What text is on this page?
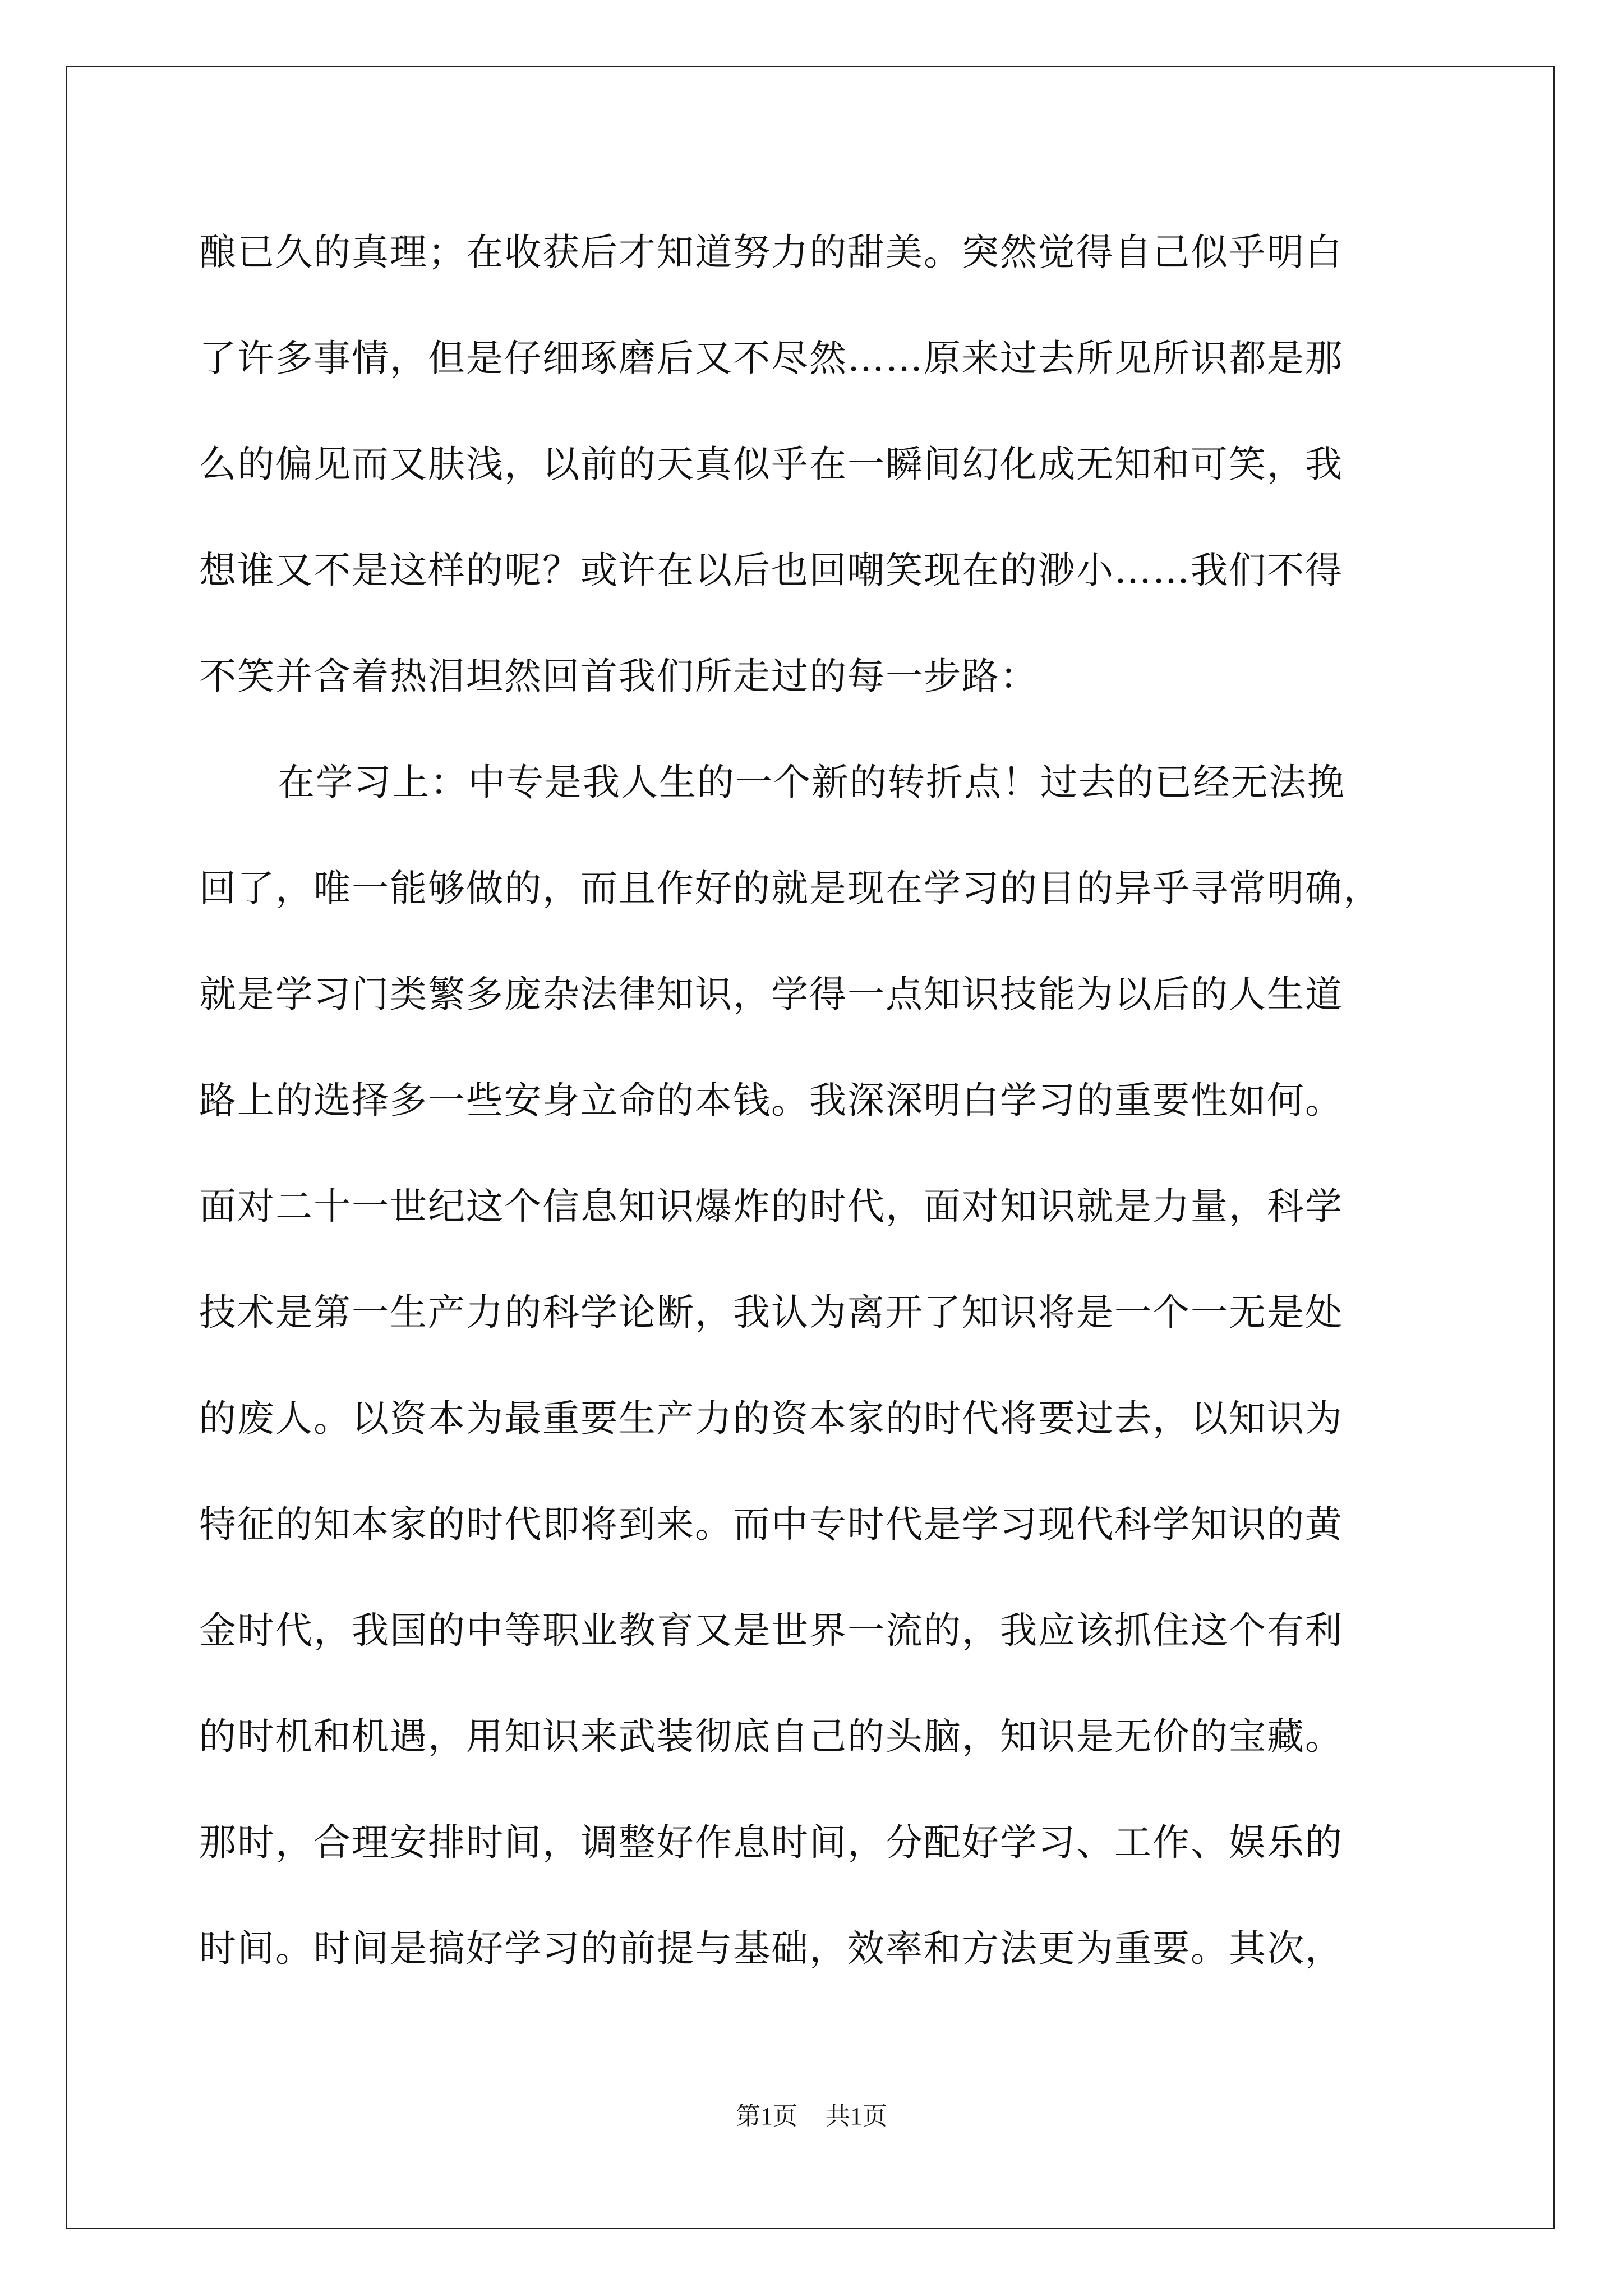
酿已久的真理；在收获后才知道努力的甜美。突然觉得自己似乎明白
了许多事情，但是仔细琢磨后又不尽然……原来过去所见所识都是那
么的偏见而又肤浅，以前的天真似乎在一瞬间幻化成无知和可笑，我
想谁又不是这样的呢？或许在以后也回嘲笑现在的渺小……我们不得
不笑并含着热泪坦然回首我们所走过的每一步路：
在学习上：中专是我人生的一个新的转折点！过去的已经无法挽
回了，唯一能够做的，而且作好的就是现在学习的目的异乎寻常明确，
就是学习门类繁多庞杂法律知识，学得一点知识技能为以后的人生道
路上的选择多一些安身立命的本钱。我深深明白学习的重要性如何。
面对二十一世纪这个信息知识爆炸的时代，面对知识就是力量，科学
技术是第一生产力的科学论断，我认为离开了知识将是一个一无是处
的废人。以资本为最重要生产力的资本家的时代将要过去，以知识为
特征的知本家的时代即将到来。而中专时代是学习现代科学知识的黄
金时代，我国的中等职业教育又是世界一流的，我应该抓住这个有利
的时机和机遇，用知识来武装彻底自己的头脑，知识是无价的宝藏。
那时，合理安排时间，调整好作息时间，分配好学习、工作、娱乐的
时间。时间是搞好学习的前提与基础，效率和方法更为重要。其次，
第1页 共1页
